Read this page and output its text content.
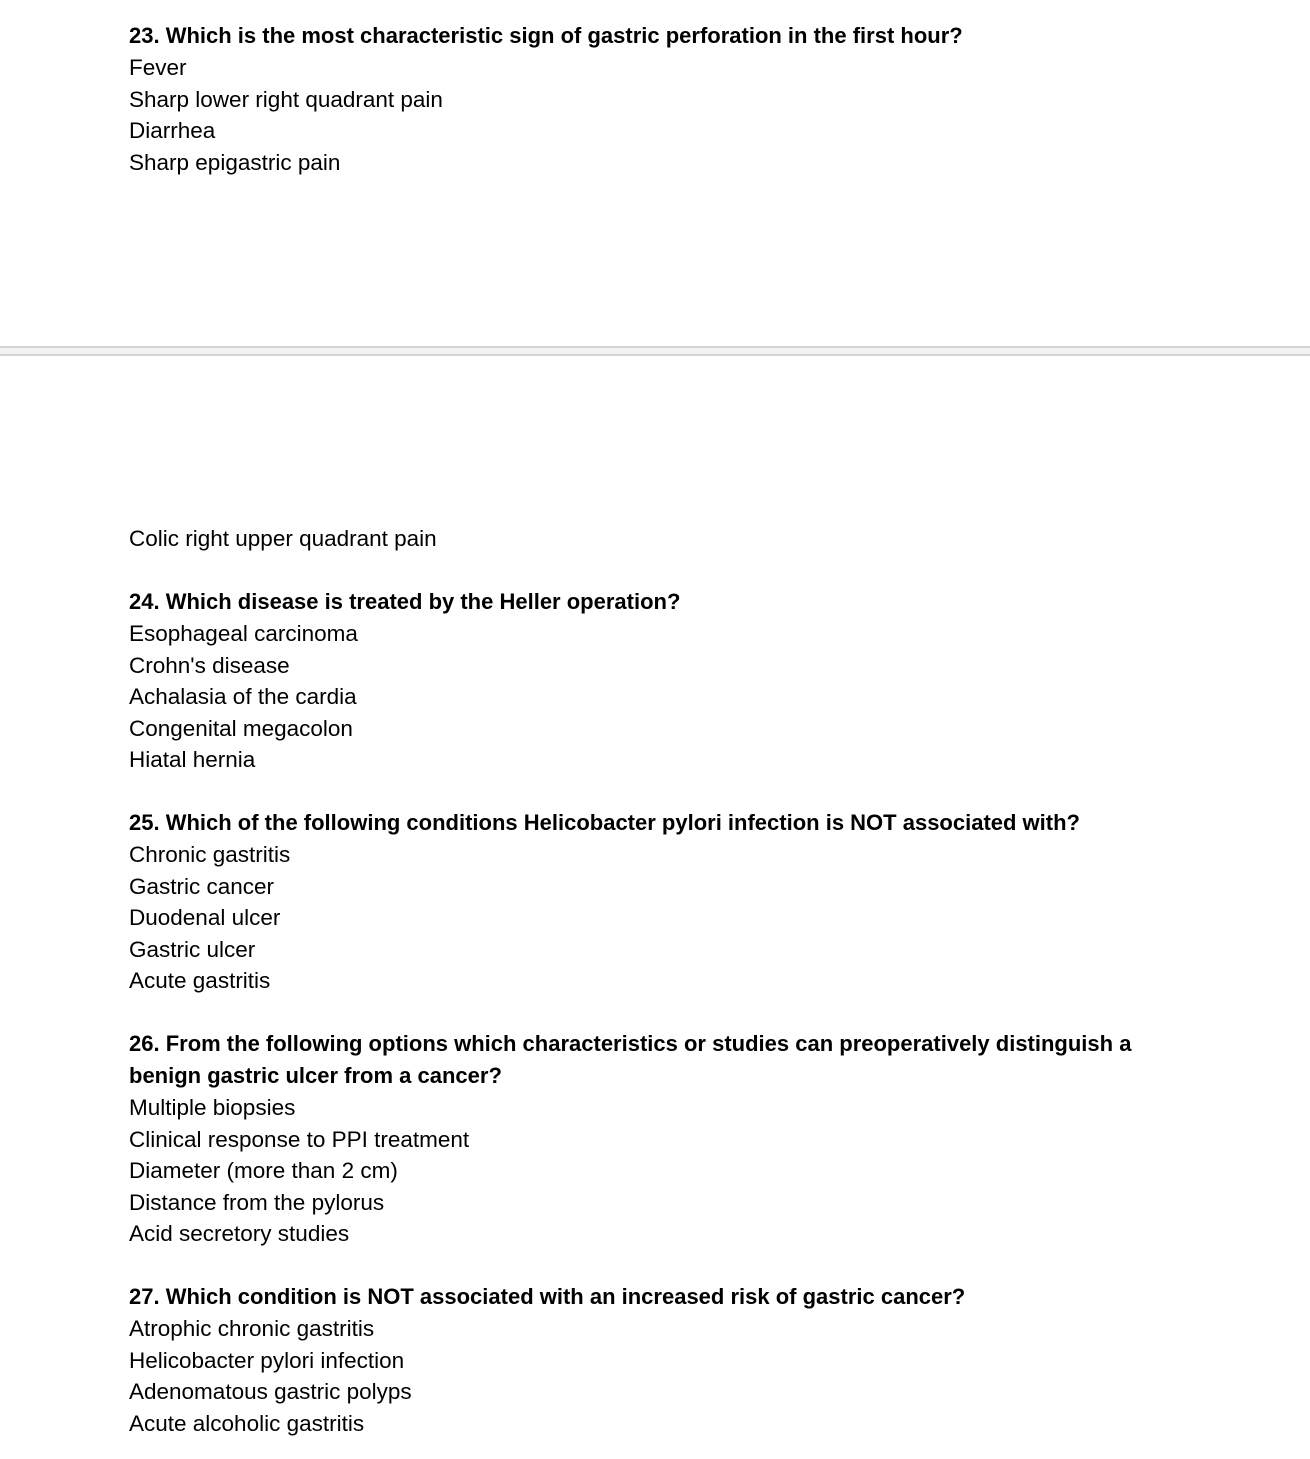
23. Which is the most characteristic sign of gastric perforation in the first hour?

Fever

Sharp lower right quadrant pain

Diarrhea

Sharp epigastric pain

Colic right upper quadrant pain

24. Which disease is treated by the Heller operation?

Esophageal carcinoma

Crohn's disease

Achalasia of the cardia

Congenital megacolon

Hiatal hernia

25. Which of the following conditions Helicobacter pylori infection is NOT associated with?

Chronic gastritis

Gastric cancer

Duodenal ulcer

Gastric ulcer

Acute gastritis

26. From the following options which characteristics or studies can preoperatively distinguish a

benign gastric ulcer from a cancer?

Multiple biopsies

Clinical response to PPI treatment

Diameter (more than 2 cm)

Distance from the pylorus

Acid secretory studies

27. Which condition is NOT associated with an increased risk of gastric cancer?

Atrophic chronic gastritis

Helicobacter pylori infection

Adenomatous gastric polyps

Acute alcoholic gastritis
